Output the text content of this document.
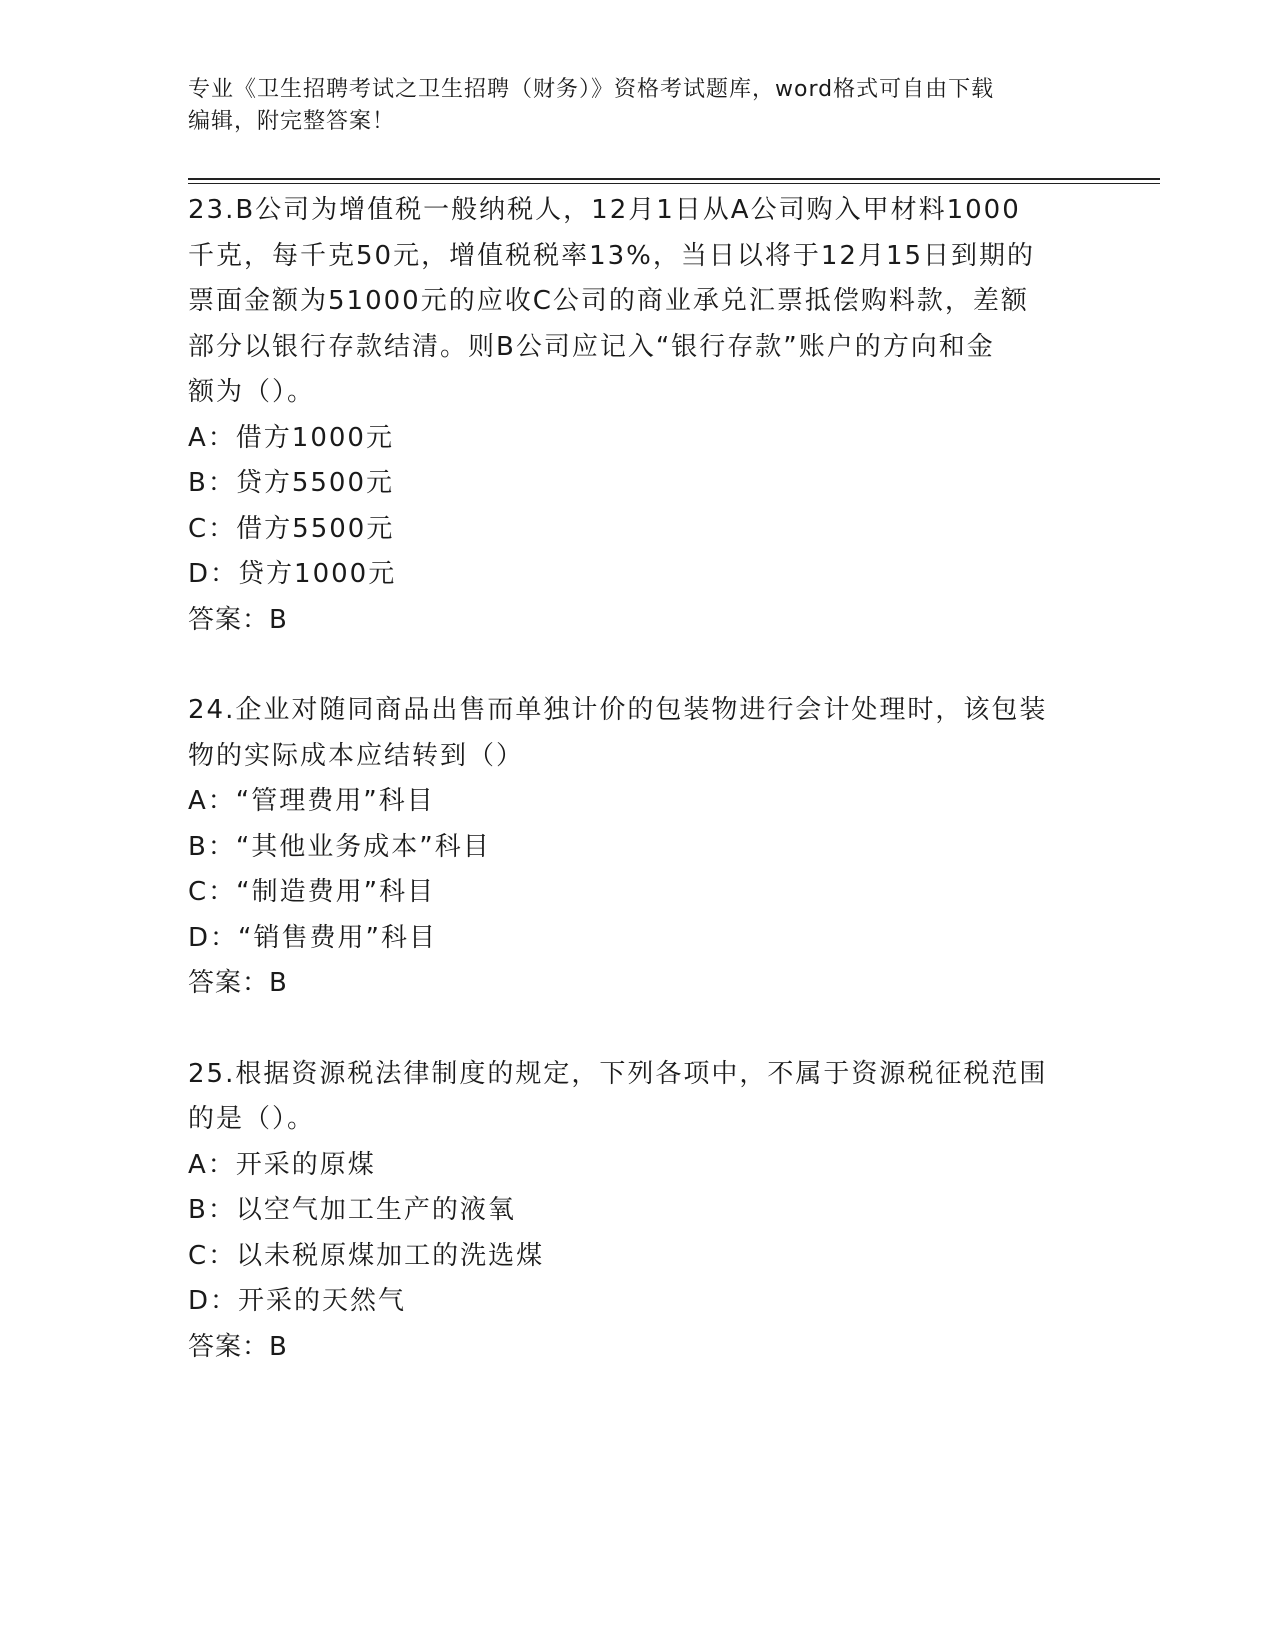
专业《卫生招聘考试之卫生招聘（财务）》资格考试题库，word格式可自由下载
编辑，附完整答案！

23.B公司为增值税一般纳税人，12月1日从A公司购入甲材料1000
千克，每千克50元，增值税税率13%，当日以将于12月15日到期的
票面金额为51000元的应收C公司的商业承兑汇票抵偿购料款，差额
部分以银行存款结清。则B公司应记入“银行存款”账户的方向和金
额为（）。

A：借方1000元

B：贷方5500元

C：借方5500元

D：贷方1000元

答案：B

24.企业对随同商品出售而单独计价的包装物进行会计处理时，该包装
物的实际成本应结转到（）

A：“管理费用”科目

B：“其他业务成本”科目

C：“制造费用”科目

D：“销售费用”科目

答案：B

25.根据资源税法律制度的规定，下列各项中，不属于资源税征税范围
的是（）。

A：开采的原煤

B：以空气加工生产的液氧

C：以未税原煤加工的洗选煤

D：开采的天然气

答案：B
